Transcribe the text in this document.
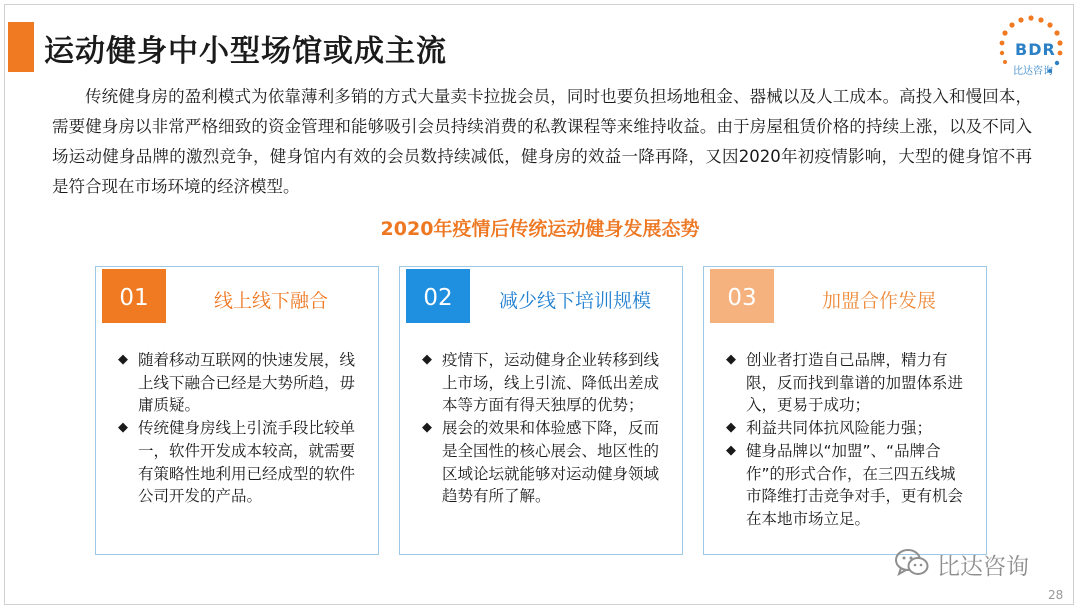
运动健身中小型场馆或成主流	BDR
比达咨询
传统健身房的盈利模式为依靠薄利多销的方式大量卖卡拉拢会员，同时也要负担场地租金、器械以及人工成本。高投入和慢回本，需要健身房以非常严格细致的资金管理和能够吸引会员持续消费的私教课程等来维持收益。由于房屋租赁价格的持续上涨，以及不同入场运动健身品牌的激烈竞争，健身馆内有效的会员数持续减低，健身房的效益一降再降，又因2020年初疫情影响，大型的健身馆不再是符合现在市场环境的经济模型。
2020年疫情后传统运动健身发展态势
01	线上线下融合
◆ 随着移动互联网的快速发展，线上线下融合已经是大势所趋，毋庸质疑。
◆ 传统健身房线上引流手段比较单一，软件开发成本较高，就需要有策略性地利用已经成型的软件公司开发的产品。
02	减少线下培训规模
◆ 疫情下，运动健身企业转移到线上市场，线上引流、降低出差成本等方面有得天独厚的优势；
◆ 展会的效果和体验感下降，反而是全国性的核心展会、地区性的区域论坛就能够对运动健身领域趋势有所了解。
03	加盟合作发展
◆ 创业者打造自己品牌，精力有限，反而找到靠谱的加盟体系进入，更易于成功；
◆ 利益共同体抗风险能力强；
◆ 健身品牌以“加盟”、“品牌合作”的形式合作，在三四五线城市降维打击竞争对手，更有机会在本地市场立足。
比达咨询
28
